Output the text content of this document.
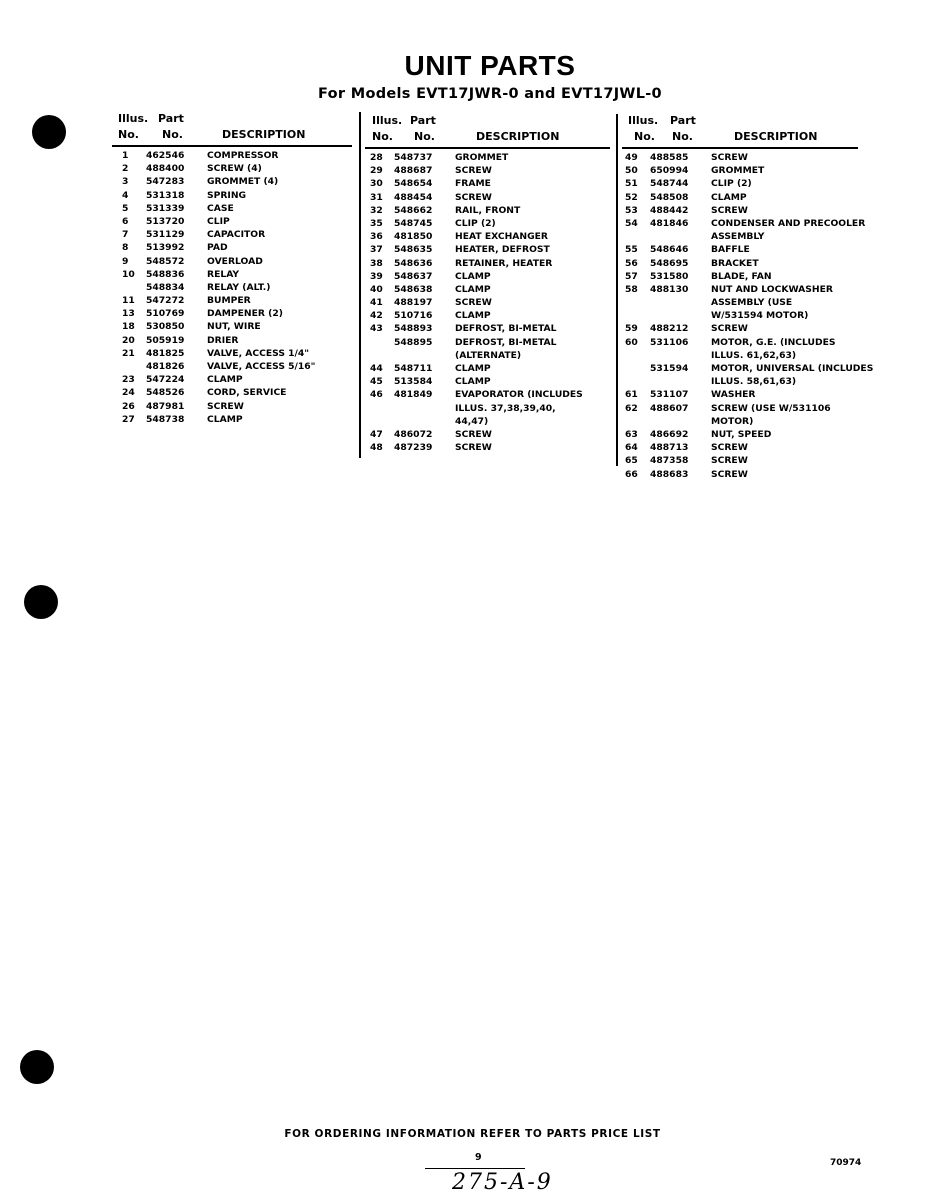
UNIT PARTS
For Models EVT17JWR-0 and EVT17JWL-0
Illus. Part
No. No.	DESCRIPTION
1 462546 COMPRESSOR
2 488400 SCREW (4)
3 547283 GROMMET (4)
4 531318 SPRING
5 531339 CASE
6 513720 CLIP
7 531129 CAPACITOR
8 513992 PAD
9 548572 OVERLOAD
10 548836 RELAY
548834 RELAY (ALT.)
11 547272 BUMPER
13 510769 DAMPENER (2)
18 530850 NUT, WIRE
20 505919 DRIER
21 481825 VALVE, ACCESS 1/4"
481826 VALVE, ACCESS 5/16"
23 547224 CLAMP
24 548526 CORD, SERVICE
26 487981 SCREW
27 548738 CLAMP
Illus. Part
No. No.	DESCRIPTION
28 548737 GROMMET
29 488687 SCREW
30 548654 FRAME
31 488454 SCREW
32 548662 RAIL, FRONT
35 548745 CLIP (2)
36 481850 HEAT EXCHANGER
37 548635 HEATER, DEFROST
38 548636 RETAINER, HEATER
39 548637 CLAMP
40 548638 CLAMP
41 488197 SCREW
42 510716 CLAMP
43 548893 DEFROST, BI-METAL
548895 DEFROST, BI-METAL
(ALTERNATE)
44 548711 CLAMP
45 513584 CLAMP
46 481849 EVAPORATOR (INCLUDES
ILLUS. 37,38,39,40,
44,47)
47 486072 SCREW
48 487239 SCREW
Illus. Part
No. No.	DESCRIPTION
49 488585 SCREW
50 650994 GROMMET
51 548744 CLIP (2)
52 548508 CLAMP
53 488442 SCREW
54 481846 CONDENSER AND PRECOOLER
ASSEMBLY
55 548646 BAFFLE
56 548695 BRACKET
57 531580 BLADE, FAN
58 488130 NUT AND LOCKWASHER
ASSEMBLY (USE
W/531594 MOTOR)
59 488212 SCREW
60 531106 MOTOR, G.E. (INCLUDES
ILLUS. 61,62,63)
531594 MOTOR, UNIVERSAL (INCLUDES
ILLUS. 58,61,63)
61 531107 WASHER
62 488607 SCREW (USE W/531106
MOTOR)
63 486692 NUT, SPEED
64 488713 SCREW
65 487358 SCREW
66 488683 SCREW
FOR ORDERING INFORMATION REFER TO PARTS PRICE LIST
9	70974
275-A-9
